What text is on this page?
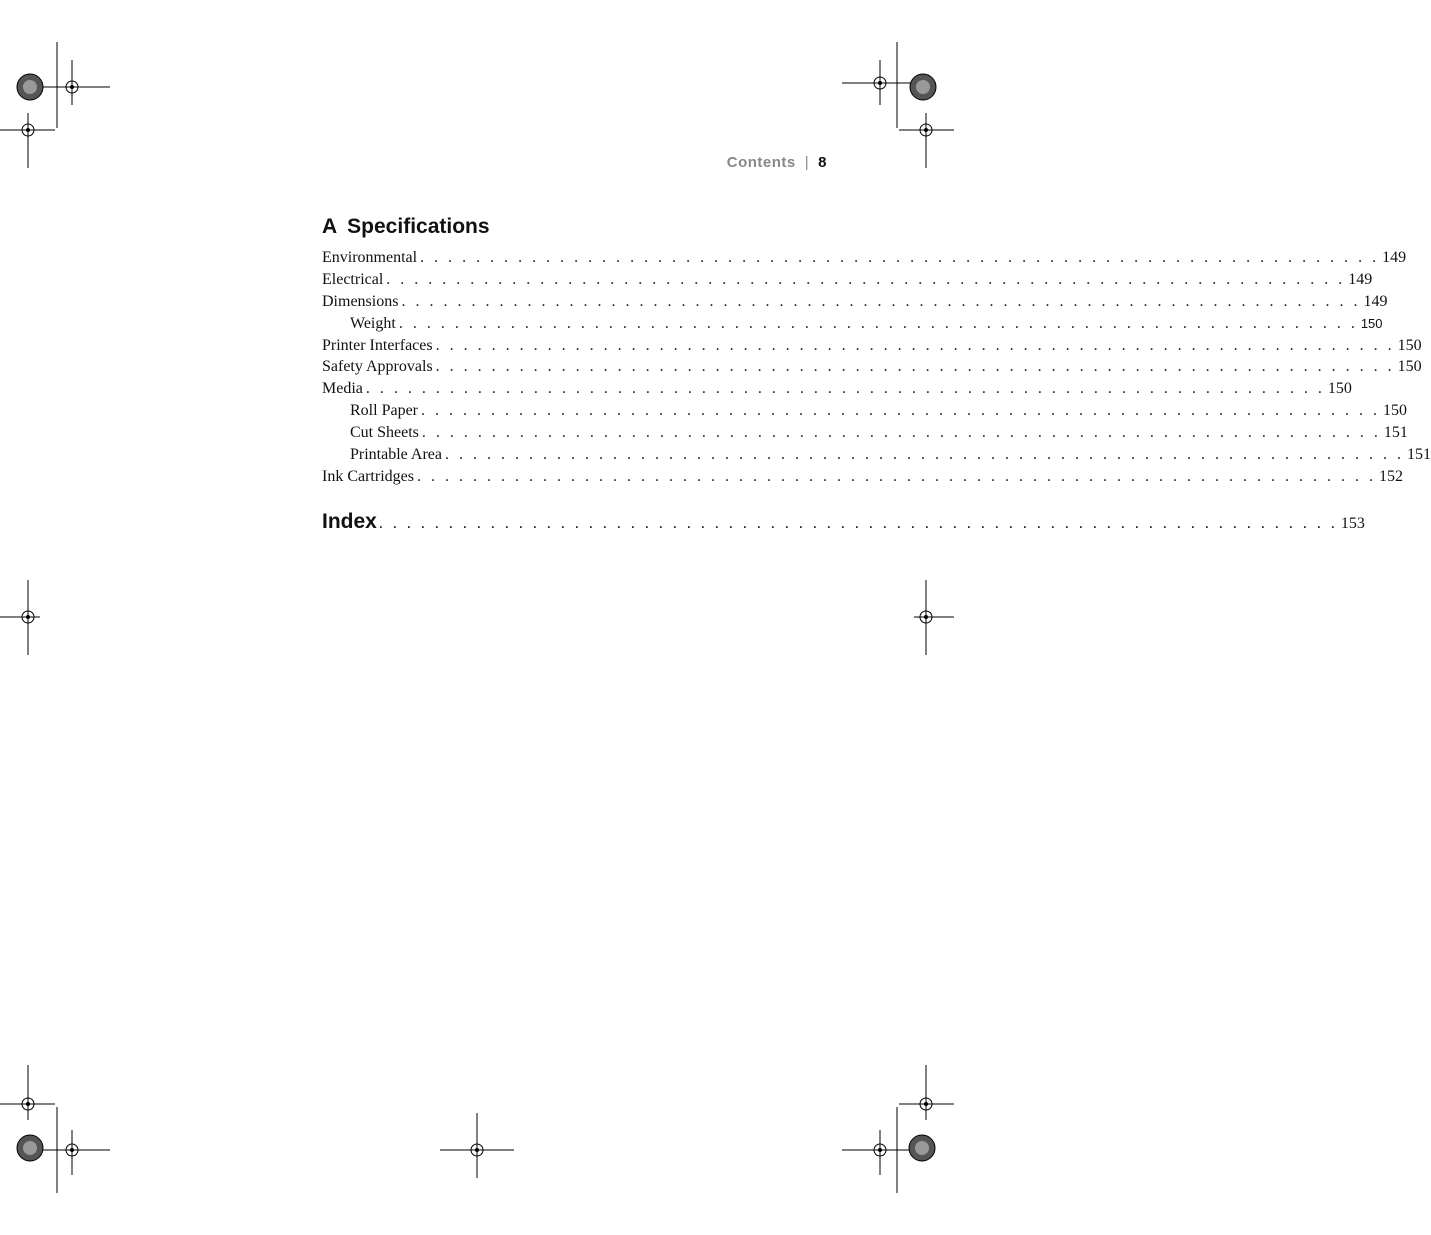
Contents | 8
A Specifications
Environmental . . . . . . . . . . . . . . . . . . . . . . . . . . . . . . . . . . . . . . . . . . . . . . . . . . . . . . . . . . . . . . . . . . . . . 149
Electrical . . . . . . . . . . . . . . . . . . . . . . . . . . . . . . . . . . . . . . . . . . . . . . . . . . . . . . . . . . . . . . . . . . . . . 149
Dimensions . . . . . . . . . . . . . . . . . . . . . . . . . . . . . . . . . . . . . . . . . . . . . . . . . . . . . . . . . . . . . . . . . . . . . 149
Weight . . . . . . . . . . . . . . . . . . . . . . . . . . . . . . . . . . . . . . . . . . . . . . . . . . . . . . . . . . . . . . . . . . . . . 150
Printer Interfaces . . . . . . . . . . . . . . . . . . . . . . . . . . . . . . . . . . . . . . . . . . . . . . . . . . . . . . . . . . . . . . . . . . . . . 150
Safety Approvals . . . . . . . . . . . . . . . . . . . . . . . . . . . . . . . . . . . . . . . . . . . . . . . . . . . . . . . . . . . . . . . . . . . . . 150
Media . . . . . . . . . . . . . . . . . . . . . . . . . . . . . . . . . . . . . . . . . . . . . . . . . . . . . . . . . . . . . . . . . . . . . 150
Roll Paper . . . . . . . . . . . . . . . . . . . . . . . . . . . . . . . . . . . . . . . . . . . . . . . . . . . . . . . . . . . . . . . . . . . . . 150
Cut Sheets . . . . . . . . . . . . . . . . . . . . . . . . . . . . . . . . . . . . . . . . . . . . . . . . . . . . . . . . . . . . . . . . . . . . . 151
Printable Area . . . . . . . . . . . . . . . . . . . . . . . . . . . . . . . . . . . . . . . . . . . . . . . . . . . . . . . . . . . . . . . . . . . . . 151
Ink Cartridges . . . . . . . . . . . . . . . . . . . . . . . . . . . . . . . . . . . . . . . . . . . . . . . . . . . . . . . . . . . . . . . . . . . . . 152
Index . . . . . . . . . . . . . . . . . . . . . . . . . . . . . . . . . . . . . . . . . . . . . . . . . . . . . . . . . . . . . . . . . . . . . 153
